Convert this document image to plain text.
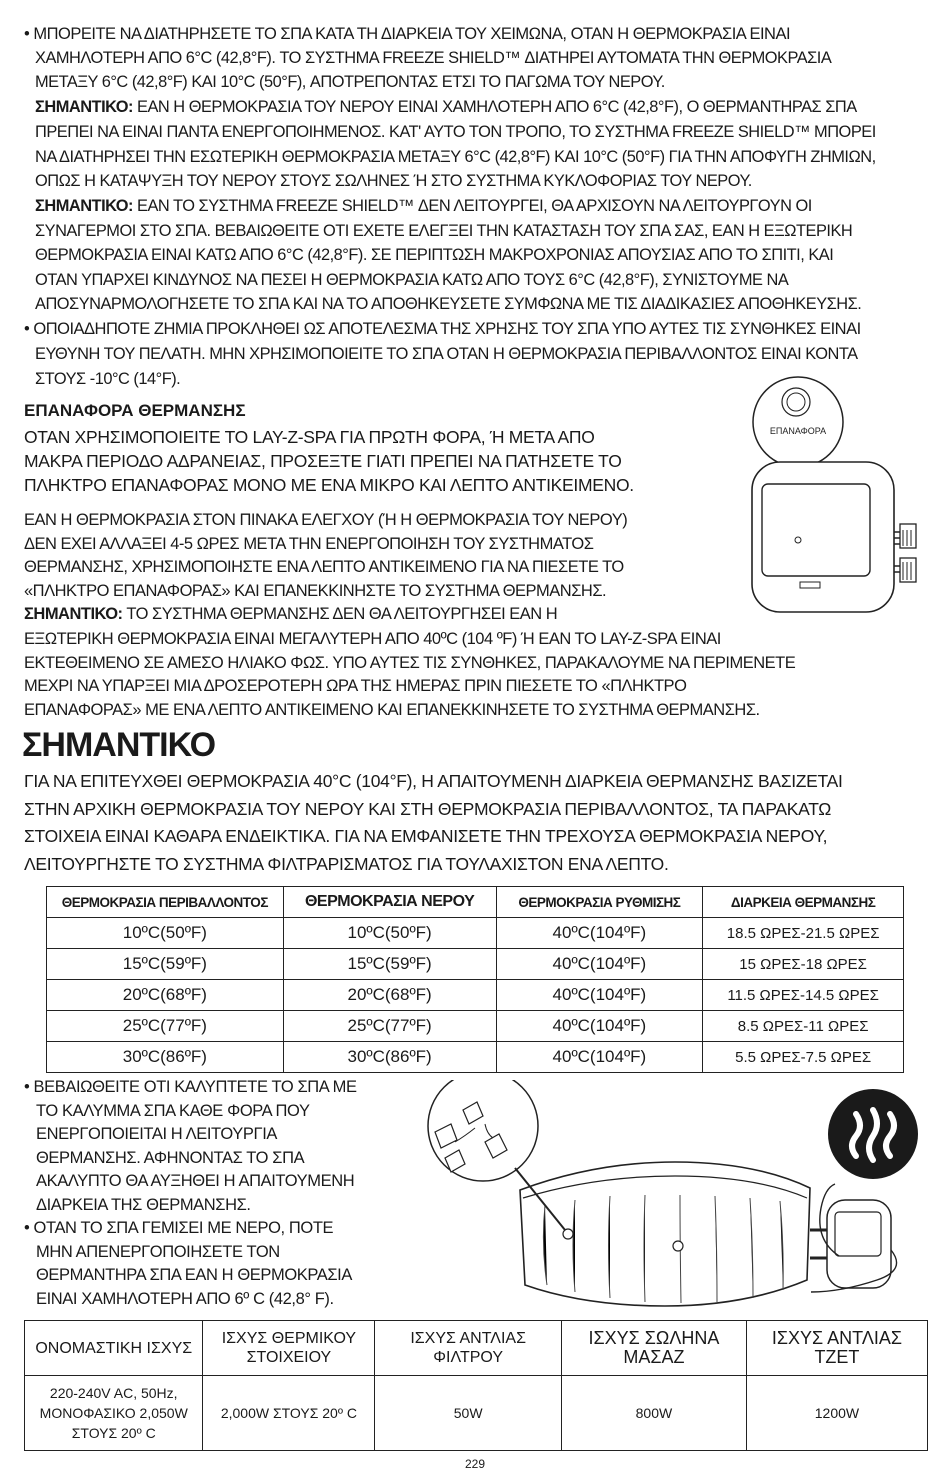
• ΜΠΟΡΕΙΤΕ ΝΑ ΔΙΑΤΗΡΗΣΕΤΕ ΤΟ ΣΠΑ ΚΑΤΑ ΤΗ ΔΙΑΡΚΕΙΑ ΤΟΥ ΧΕΙΜΩΝΑ, ΟΤΑΝ Η ΘΕΡΜΟΚΡΑΣΙΑ ΕΙΝΑΙ
ΧΑΜΗΛΟΤΕΡΗ ΑΠΟ 6°C (42,8°F). ΤΟ ΣΥΣΤΗΜΑ FREEZE SHIELD™ ΔΙΑΤΗΡΕΙ ΑΥΤΟΜΑΤΑ ΤΗΝ ΘΕΡΜΟΚΡΑΣΙΑ
ΜΕΤΑΞΥ 6°C (42,8°F) ΚΑΙ 10°C (50°F), ΑΠΟΤΡΕΠΟΝΤΑΣ ΕΤΣΙ ΤΟ ΠΑΓΩΜΑ ΤΟΥ ΝΕΡΟΥ.
ΣΗΜΑΝΤΙΚΟ: ΕΑΝ Η ΘΕΡΜΟΚΡΑΣΙΑ ΤΟΥ ΝΕΡΟΥ ΕΙΝΑΙ ΧΑΜΗΛΟΤΕΡΗ ΑΠΟ 6°C (42,8°F), Ο ΘΕΡΜΑΝΤΗΡΑΣ ΣΠΑ
ΠΡΕΠΕΙ ΝΑ ΕΙΝΑΙ ΠΑΝΤΑ ΕΝΕΡΓΟΠΟΙΗΜΕΝΟΣ. ΚΑΤ' ΑΥΤΟ ΤΟΝ ΤΡΟΠΟ, ΤΟ ΣΥΣΤΗΜΑ FREEZE SHIELD™ ΜΠΟΡΕΙ
ΝΑ ΔΙΑΤΗΡΗΣΕΙ ΤΗΝ ΕΣΩΤΕΡΙΚΗ ΘΕΡΜΟΚΡΑΣΙΑ ΜΕΤΑΞΥ 6°C (42,8°F) ΚΑΙ 10°C (50°F) ΓΙΑ ΤΗΝ ΑΠΟΦΥΓΗ ΖΗΜΙΩΝ,
ΟΠΩΣ Η ΚΑΤΑΨΥΞΗ ΤΟΥ ΝΕΡΟΥ ΣΤΟΥΣ ΣΩΛΗΝΕΣ Ή ΣΤΟ ΣΥΣΤΗΜΑ ΚΥΚΛΟΦΟΡΙΑΣ ΤΟΥ ΝΕΡΟΥ.
ΣΗΜΑΝΤΙΚΟ: ΕΑΝ ΤΟ ΣΥΣΤΗΜΑ FREEZE SHIELD™ ΔΕΝ ΛΕΙΤΟΥΡΓΕΙ, ΘΑ ΑΡΧΙΣΟΥΝ ΝΑ ΛΕΙΤΟΥΡΓΟΥΝ ΟΙ
ΣΥΝΑΓΕΡΜΟΙ ΣΤΟ ΣΠΑ. ΒΕΒΑΙΩΘΕΙΤΕ ΟΤΙ ΕΧΕΤΕ ΕΛΕΓΞΕΙ ΤΗΝ ΚΑΤΑΣΤΑΣΗ ΤΟΥ ΣΠΑ ΣΑΣ, ΕΑΝ Η ΕΞΩΤΕΡΙΚΗ
ΘΕΡΜΟΚΡΑΣΙΑ ΕΙΝΑΙ ΚΑΤΩ ΑΠΟ 6°C (42,8°F). ΣΕ ΠΕΡΙΠΤΩΣΗ ΜΑΚΡΟΧΡΟΝΙΑΣ ΑΠΟΥΣΙΑΣ ΑΠΟ ΤΟ ΣΠΙΤΙ, ΚΑΙ
ΟΤΑΝ ΥΠΑΡΧΕΙ ΚΙΝΔΥΝΟΣ ΝΑ ΠΕΣΕΙ Η ΘΕΡΜΟΚΡΑΣΙΑ ΚΑΤΩ ΑΠΟ ΤΟΥΣ 6°C (42,8°F), ΣΥΝΙΣΤΟΥΜΕ ΝΑ
ΑΠΟΣΥΝΑΡΜΟΛΟΓΗΣΕΤΕ ΤΟ ΣΠΑ ΚΑΙ ΝΑ ΤΟ ΑΠΟΘΗΚΕΥΣΕΤΕ ΣΥΜΦΩΝΑ ΜΕ ΤΙΣ ΔΙΑΔΙΚΑΣΙΕΣ ΑΠΟΘΗΚΕΥΣΗΣ.
• ΟΠΟΙΑΔΗΠΟΤΕ ΖΗΜΙΑ ΠΡΟΚΛΗΘΕΙ ΩΣ ΑΠΟΤΕΛΕΣΜΑ ΤΗΣ ΧΡΗΣΗΣ ΤΟΥ ΣΠΑ ΥΠΟ ΑΥΤΕΣ ΤΙΣ ΣΥΝΘΗΚΕΣ ΕΙΝΑΙ
ΕΥΘΥΝΗ ΤΟΥ ΠΕΛΑΤΗ. ΜΗΝ ΧΡΗΣΙΜΟΠΟΙΕΙΤΕ ΤΟ ΣΠΑ ΟΤΑΝ Η ΘΕΡΜΟΚΡΑΣΙΑ ΠΕΡΙΒΑΛΛΟΝΤΟΣ ΕΙΝΑΙ ΚΟΝΤΑ
ΣΤΟΥΣ -10°C (14°F).
ΕΠΑΝΑΦΟΡΑ ΘΕΡΜΑΝΣΗΣ
ΟΤΑΝ ΧΡΗΣΙΜΟΠΟΙΕΙΤΕ ΤΟ LAY-Z-SPA ΓΙΑ ΠΡΩΤΗ ΦΟΡΑ, Ή ΜΕΤΑ ΑΠΟ
ΜΑΚΡΑ ΠΕΡΙΟΔΟ ΑΔΡΑΝΕΙΑΣ, ΠΡΟΣΕΞΤΕ ΓΙΑΤΙ ΠΡΕΠΕΙ ΝΑ ΠΑΤΗΣΕΤΕ ΤΟ
ΠΛΗΚΤΡΟ ΕΠΑΝΑΦΟΡΑΣ ΜΟΝΟ ΜΕ ΕΝΑ ΜΙΚΡΟ ΚΑΙ ΛΕΠΤΟ ΑΝΤΙΚΕΙΜΕΝΟ.
ΕΑΝ Η ΘΕΡΜΟΚΡΑΣΙΑ ΣΤΟΝ ΠΙΝΑΚΑ ΕΛΕΓΧΟΥ (Ή Η ΘΕΡΜΟΚΡΑΣΙΑ ΤΟΥ ΝΕΡΟΥ)
ΔΕΝ ΕΧΕΙ ΑΛΛΑΞΕΙ 4-5 ΩΡΕΣ ΜΕΤΑ ΤΗΝ ΕΝΕΡΓΟΠΟΙΗΣΗ ΤΟΥ ΣΥΣΤΗΜΑΤΟΣ
ΘΕΡΜΑΝΣΗΣ, ΧΡΗΣΙΜΟΠΟΙΗΣΤΕ ΕΝΑ ΛΕΠΤΟ ΑΝΤΙΚΕΙΜΕΝΟ ΓΙΑ ΝΑ ΠΙΕΣΕΤΕ ΤΟ
«ΠΛΗΚΤΡΟ ΕΠΑΝΑΦΟΡΑΣ» ΚΑΙ ΕΠΑΝΕΚΚΙΝΗΣΤΕ ΤΟ ΣΥΣΤΗΜΑ ΘΕΡΜΑΝΣΗΣ.
ΣΗΜΑΝΤΙΚΟ: ΤΟ ΣΥΣΤΗΜΑ ΘΕΡΜΑΝΣΗΣ ΔΕΝ ΘΑ ΛΕΙΤΟΥΡΓΗΣΕΙ ΕΑΝ Η
ΕΞΩΤΕΡΙΚΗ ΘΕΡΜΟΚΡΑΣΙΑ ΕΙΝΑΙ ΜΕΓΑΛΥΤΕΡΗ ΑΠΟ 40ºC (104 ºF) Ή ΕΑΝ ΤΟ LAY-Z-SPA ΕΙΝΑΙ
ΕΚΤΕΘΕΙΜΕΝΟ ΣΕ ΑΜΕΣΟ ΗΛΙΑΚΟ ΦΩΣ. ΥΠΟ ΑΥΤΕΣ ΤΙΣ ΣΥΝΘΗΚΕΣ, ΠΑΡΑΚΑΛΟΥΜΕ ΝΑ ΠΕΡΙΜΕΝΕΤΕ
ΜΕΧΡΙ ΝΑ ΥΠΑΡΞΕΙ ΜΙΑ ΔΡΟΣΕΡΟΤΕΡΗ ΩΡΑ ΤΗΣ ΗΜΕΡΑΣ ΠΡΙΝ ΠΙΕΣΕΤΕ ΤΟ «ΠΛΗΚΤΡΟ
ΕΠΑΝΑΦΟΡΑΣ» ΜΕ ΕΝΑ ΛΕΠΤΟ ΑΝΤΙΚΕΙΜΕΝΟ ΚΑΙ ΕΠΑΝΕΚΚΙΝΗΣΕΤΕ ΤΟ ΣΥΣΤΗΜΑ ΘΕΡΜΑΝΣΗΣ.
ΕΠΑΝΑΦΟΡΑ
ΣΗΜΑΝΤΙΚΟ
ΓΙΑ ΝΑ ΕΠΙΤΕΥΧΘΕΙ ΘΕΡΜΟΚΡΑΣΙΑ 40°C (104°F), Η ΑΠΑΙΤΟΥΜΕΝΗ ΔΙΑΡΚΕΙΑ ΘΕΡΜΑΝΣΗΣ ΒΑΣΙΖΕΤΑΙ
ΣΤΗΝ ΑΡΧΙΚΗ ΘΕΡΜΟΚΡΑΣΙΑ ΤΟΥ ΝΕΡΟΥ ΚΑΙ ΣΤΗ ΘΕΡΜΟΚΡΑΣΙΑ ΠΕΡΙΒΑΛΛΟΝΤΟΣ, ΤΑ ΠΑΡΑΚΑΤΩ
ΣΤΟΙΧΕΙΑ ΕΙΝΑΙ ΚΑΘΑΡΑ ΕΝΔΕΙΚΤΙΚΑ. ΓΙΑ ΝΑ ΕΜΦΑΝΙΣΕΤΕ ΤΗΝ ΤΡΕΧΟΥΣΑ ΘΕΡΜΟΚΡΑΣΙΑ ΝΕΡΟΥ,
ΛΕΙΤΟΥΡΓΗΣΤΕ ΤΟ ΣΥΣΤΗΜΑ ΦΙΛΤΡΑΡΙΣΜΑΤΟΣ ΓΙΑ ΤΟΥΛΑΧΙΣΤΟΝ ΕΝΑ ΛΕΠΤΟ.
ΘΕΡΜΟΚΡΑΣΙΑ ΠΕΡΙΒΑΛΛΟΝΤΟΣ	ΘΕΡΜΟΚΡΑΣΙΑ ΝΕΡΟΥ	ΘΕΡΜΟΚΡΑΣΙΑ ΡΥΘΜΙΣΗΣ	ΔΙΑΡΚΕΙΑ ΘΕΡΜΑΝΣΗΣ
10ºC(50ºF)	10ºC(50ºF)	40ºC(104ºF)	18.5 ΩΡΕΣ-21.5 ΩΡΕΣ
15ºC(59ºF)	15ºC(59ºF)	40ºC(104ºF)	15 ΩΡΕΣ-18 ΩΡΕΣ
20ºC(68ºF)	20ºC(68ºF)	40ºC(104ºF)	11.5 ΩΡΕΣ-14.5 ΩΡΕΣ
25ºC(77ºF)	25ºC(77ºF)	40ºC(104ºF)	8.5 ΩΡΕΣ-11 ΩΡΕΣ
30ºC(86ºF)	30ºC(86ºF)	40ºC(104ºF)	5.5 ΩΡΕΣ-7.5 ΩΡΕΣ
• ΒΕΒΑΙΩΘΕΙΤΕ ΟΤΙ ΚΑΛΥΠΤΕΤΕ ΤΟ ΣΠΑ ΜΕ
ΤΟ ΚΑΛΥΜΜΑ ΣΠΑ ΚΑΘΕ ΦΟΡΑ ΠΟΥ
ΕΝΕΡΓΟΠΟΙΕΙΤΑΙ Η ΛΕΙΤΟΥΡΓΙΑ
ΘΕΡΜΑΝΣΗΣ. ΑΦΗΝΟΝΤΑΣ ΤΟ ΣΠΑ
ΑΚΑΛΥΠΤΟ ΘΑ ΑΥΞΗΘΕΙ Η ΑΠΑΙΤΟΥΜΕΝΗ
ΔΙΑΡΚΕΙΑ ΤΗΣ ΘΕΡΜΑΝΣΗΣ.
• ΟΤΑΝ ΤΟ ΣΠΑ ΓΕΜΙΣΕΙ ΜΕ ΝΕΡΟ, ΠΟΤΕ
ΜΗΝ ΑΠΕΝΕΡΓΟΠΟΙΗΣΕΤΕ ΤΟΝ
ΘΕΡΜΑΝΤΗΡΑ ΣΠΑ ΕΑΝ Η ΘΕΡΜΟΚΡΑΣΙΑ
ΕΙΝΑΙ ΧΑΜΗΛΟΤΕΡΗ ΑΠΟ 6º C (42,8° F).
ΟΝΟΜΑΣΤΙΚΗ ΙΣΧΥΣ	ΙΣΧΥΣ ΘΕΡΜΙΚΟΥ ΣΤΟΙΧΕΙΟΥ	ΙΣΧΥΣ ΑΝΤΛΙΑΣ ΦΙΛΤΡΟΥ	ΙΣΧΥΣ ΣΩΛΗΝΑ ΜΑΣΑΖ	ΙΣΧΥΣ ΑΝΤΛΙΑΣ ΤΖΕΤ
220-240V AC, 50Hz, ΜΟΝΟΦΑΣΙΚΟ 2,050W ΣΤΟΥΣ 20º C	2,000W ΣΤΟΥΣ 20º C	50W	800W	1200W
229
